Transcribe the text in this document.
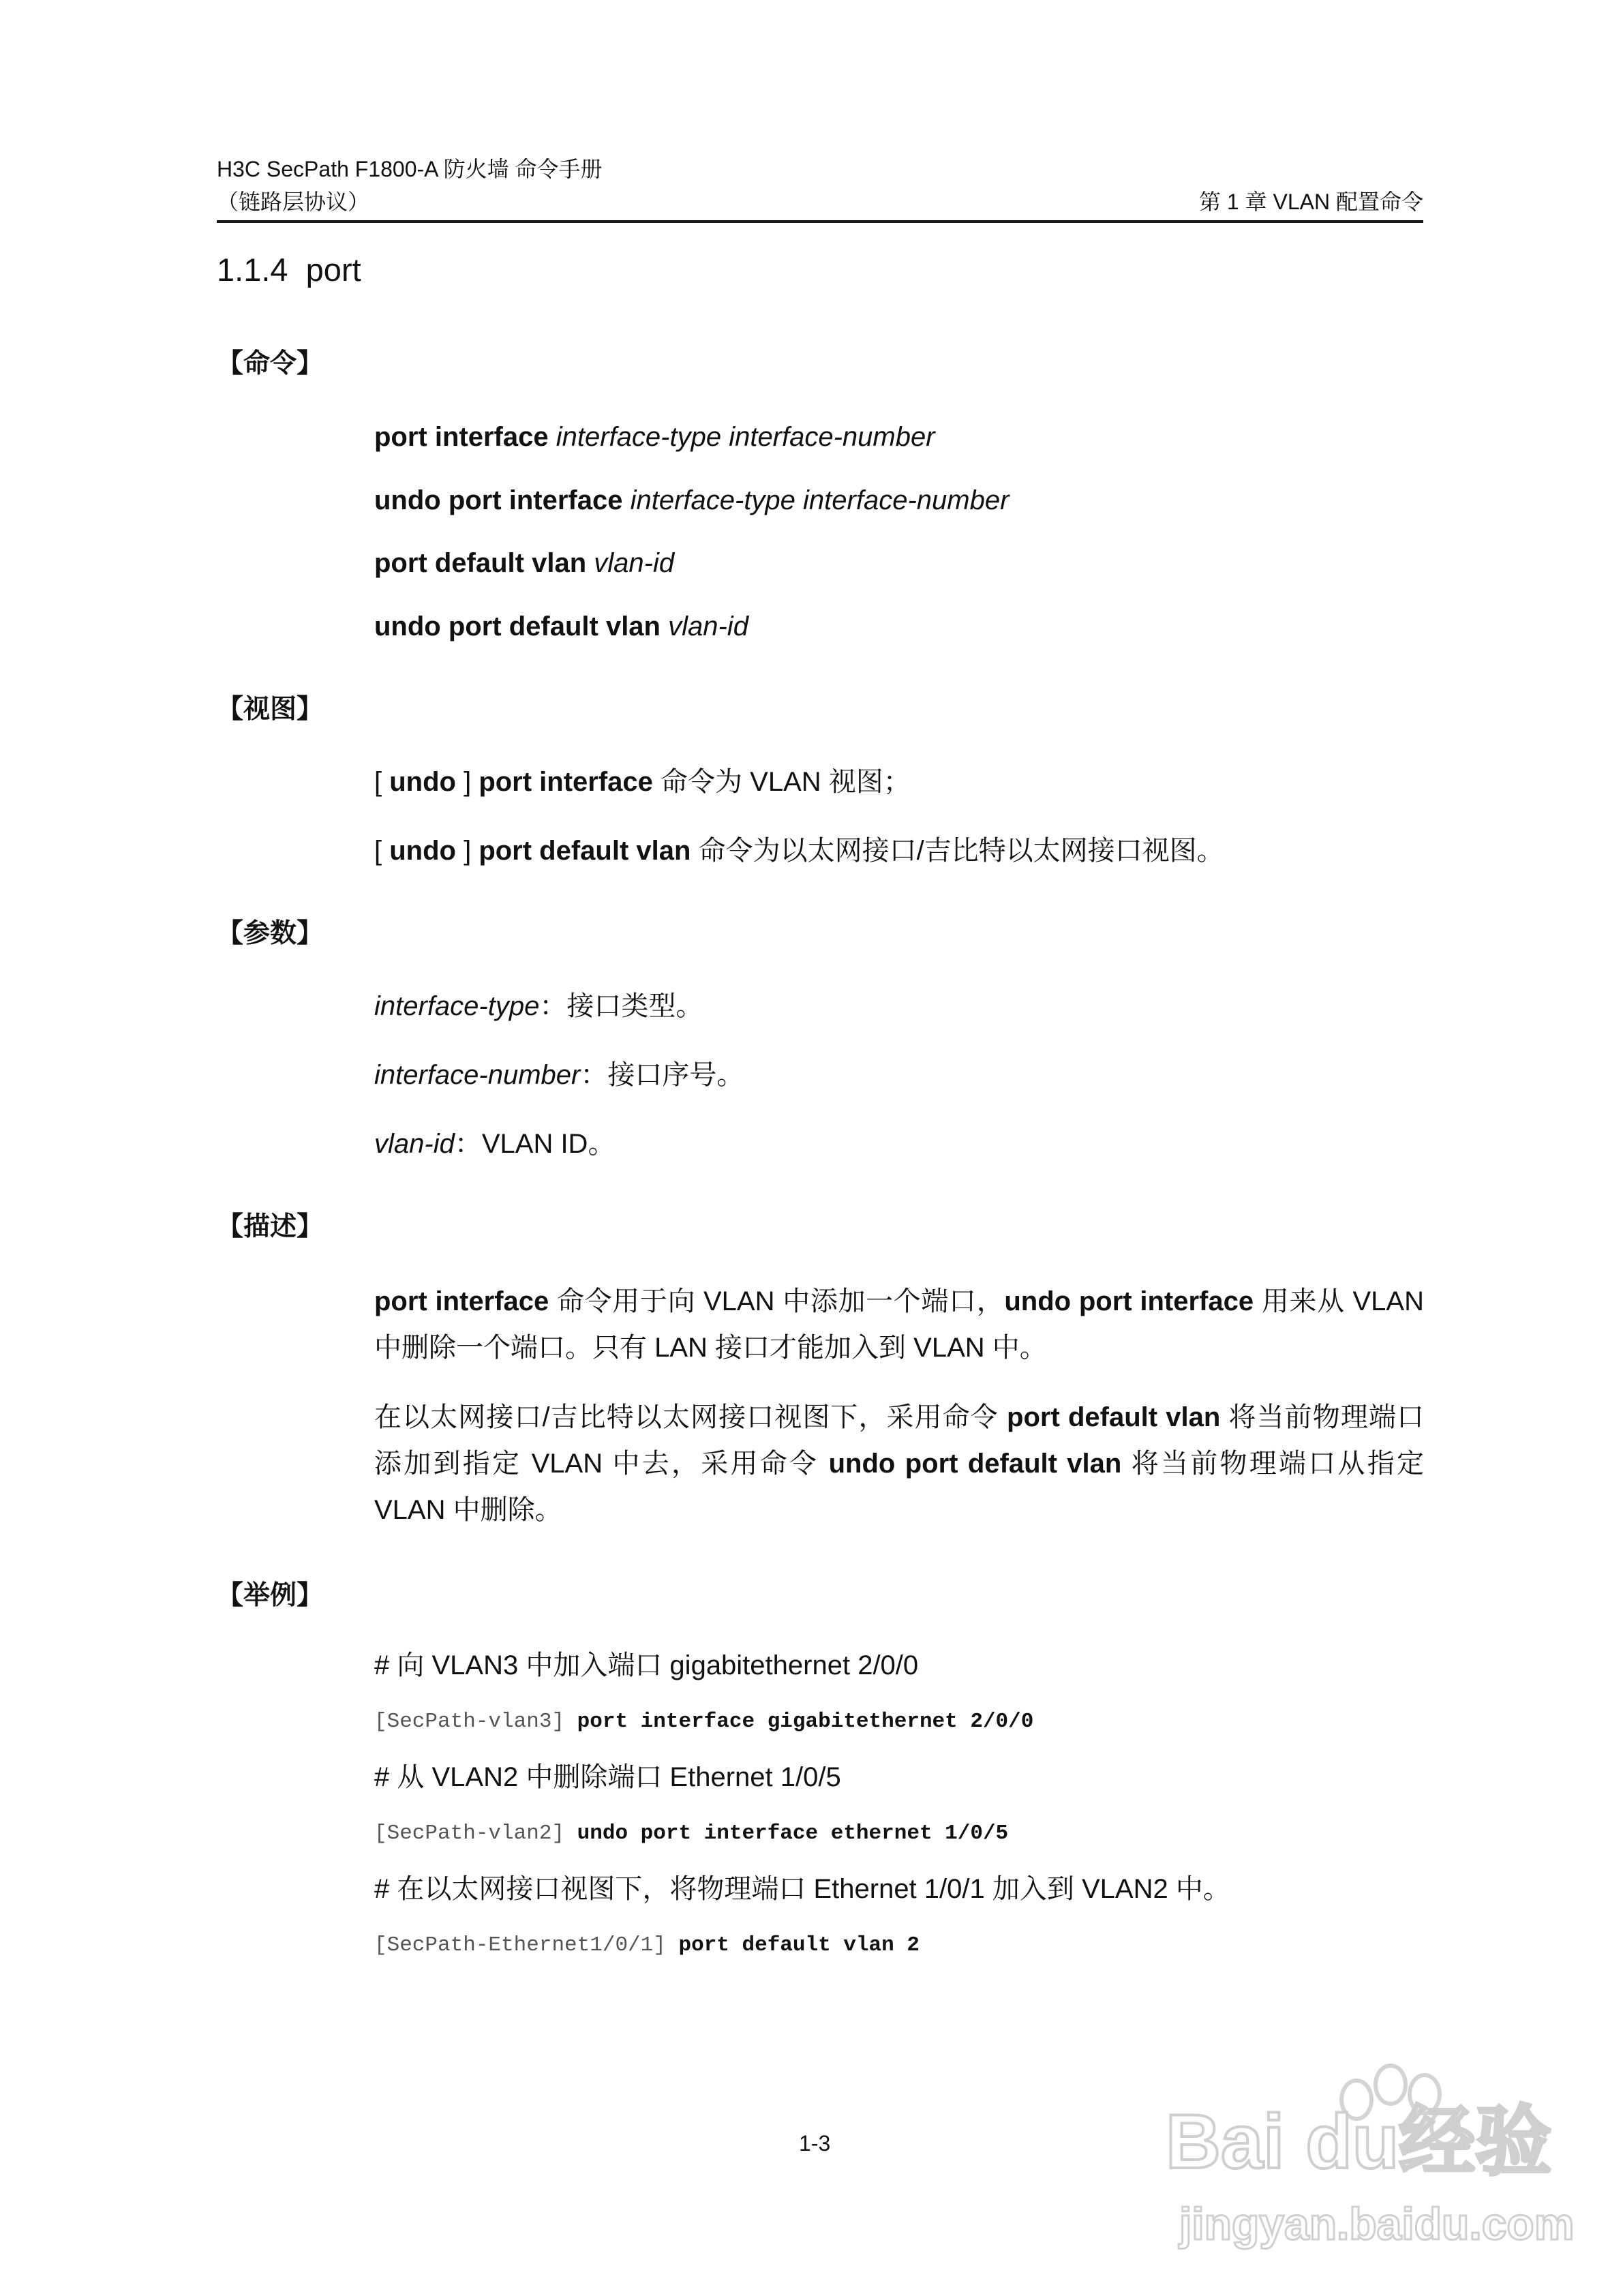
H3C SecPath F1800-A 防火墙 命令手册
（链路层协议）	第 1 章 VLAN 配置命令
1.1.4 port
【命令】
port interface interface-type interface-number
undo port interface interface-type interface-number
port default vlan vlan-id
undo port default vlan vlan-id
【视图】
[ undo ] port interface 命令为 VLAN 视图；
[ undo ] port default vlan 命令为以太网接口/吉比特以太网接口视图。
【参数】
interface-type：接口类型。
interface-number：接口序号。
vlan-id：VLAN ID。
【描述】
port interface 命令用于向 VLAN 中添加一个端口，undo port interface 用来从 VLAN 中删除一个端口。只有 LAN 接口才能加入到 VLAN 中。
在以太网接口/吉比特以太网接口视图下，采用命令 port default vlan 将当前物理端口添加到指定 VLAN 中去，采用命令 undo port default vlan 将当前物理端口从指定 VLAN 中删除。
【举例】
# 向 VLAN3 中加入端口 gigabitethernet 2/0/0
[SecPath-vlan3] port interface gigabitethernet 2/0/0
# 从 VLAN2 中删除端口 Ethernet 1/0/5
[SecPath-vlan2] undo port interface ethernet 1/0/5
# 在以太网接口视图下，将物理端口 Ethernet 1/0/1 加入到 VLAN2 中。
[SecPath-Ethernet1/0/1] port default vlan 2
1-3	Bai du经验
jingyan.baidu.com
